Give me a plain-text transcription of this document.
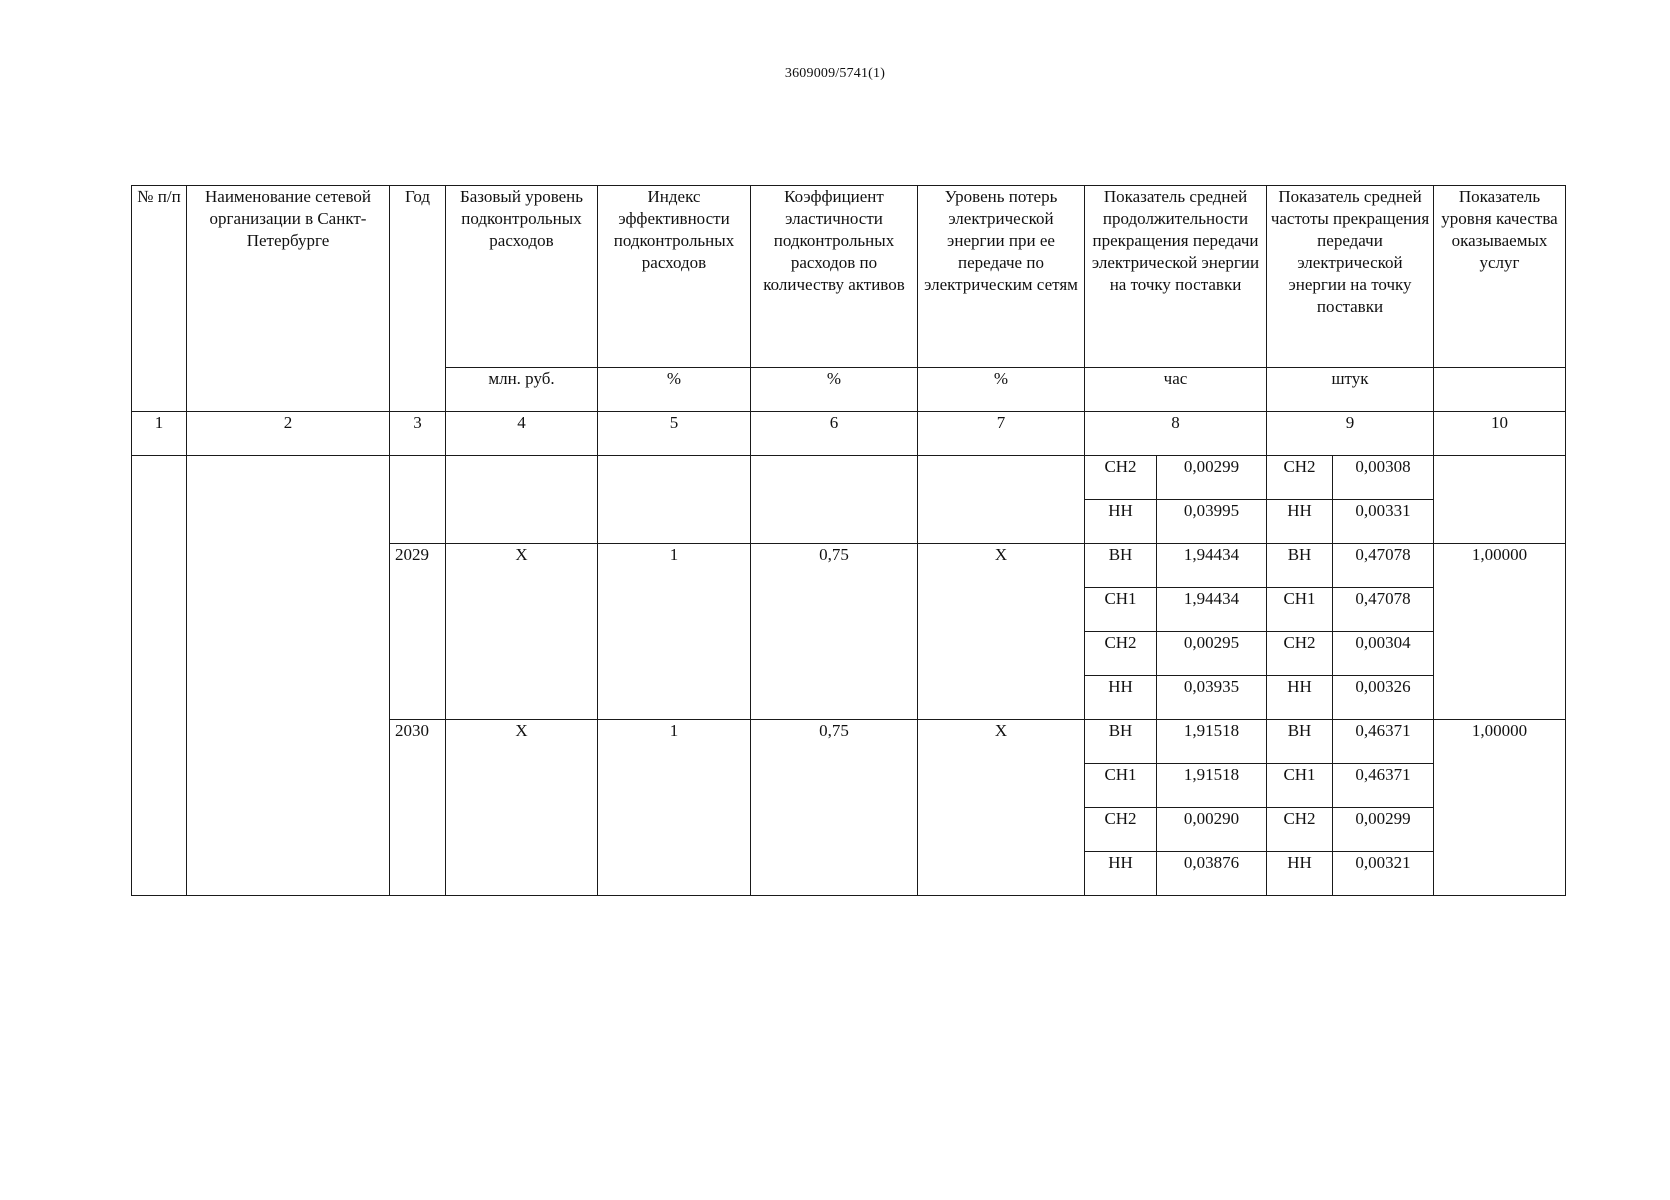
3609009/5741(1)
№ п/п	Наименование сетевой организации в Санкт-Петербурге	Год	Базовый уровень подконтрольных расходов	Индекс эффективности подконтрольных расходов	Коэффициент эластичности подконтрольных расходов по количеству активов	Уровень потерь электрической энергии при ее передаче по электрическим сетям	Показатель средней продолжительности прекращения передачи электрической энергии на точку поставки		Показатель средней частоты прекращения передачи электрической энергии на точку поставки		Показатель уровня качества оказываемых услуг

			млн. руб.	%	%	%	час		штук		
1	2	3	4	5	6	7	8		9		10
							СН2	0,00299	СН2	0,00308	
							НН	0,03995	НН	0,00331	
		2029	X	1	0,75	X	ВН	1,94434	ВН	0,47078	1,00000
							СН1	1,94434	СН1	0,47078	
							СН2	0,00295	СН2	0,00304	
							НН	0,03935	НН	0,00326	
		2030	X	1	0,75	X	ВН	1,91518	ВН	0,46371	1,00000
							СН1	1,91518	СН1	0,46371	
							СН2	0,00290	СН2	0,00299	
							НН	0,03876	НН	0,00321	
